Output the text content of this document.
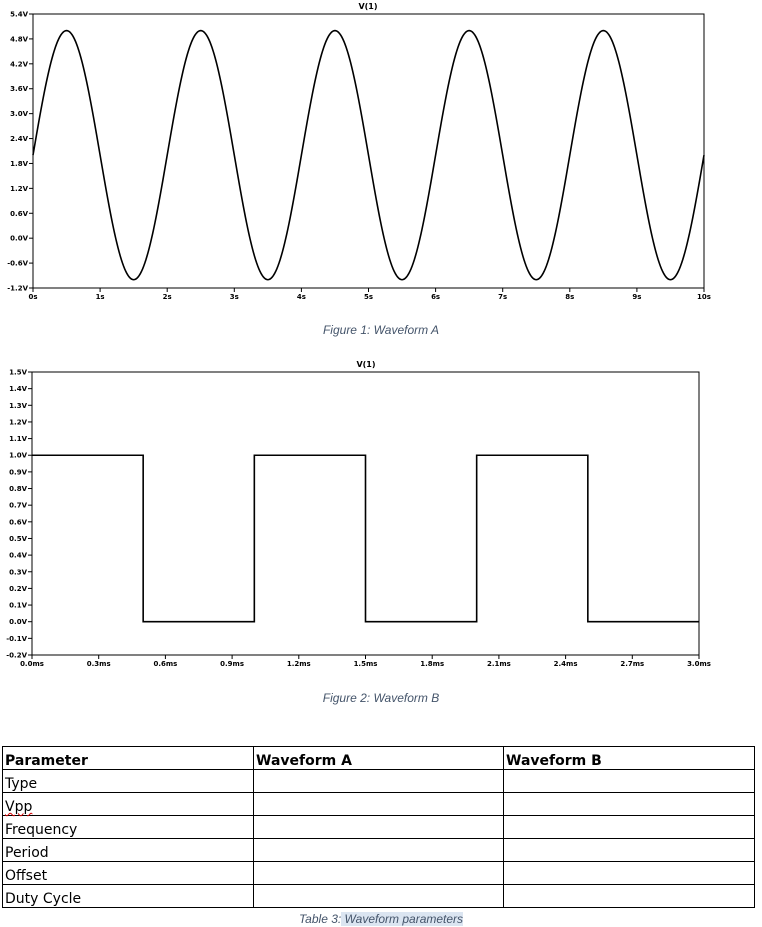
V(1)
5.4V
4.8V
4.2V
3.6V
3.0V
2.4V
1.8V
1.2V
0.6V
0.0V
-0.6V
-1.2V
0s	1s	2s	3s	4s	5s	6s	7s	8s	9s	10s
Figure 1: Waveform A
V(1)
1.5V
1.4V
1.3V
1.2V
1.1V
1.0V
0.9V
0.8V
0.7V
0.6V
0.5V
0.4V
0.3V
0.2V
0.1V
0.0V
-0.1V
-0.2V
0.0ms	0.3ms	0.6ms	0.9ms	1.2ms	1.5ms	1.8ms	2.1ms	2.4ms	2.7ms	3.0ms
Figure 2: Waveform B
Parameter	Waveform A	Waveform B
Type		
Vpp		
Frequency		
Period		
Offset		
Duty Cycle		
Table 3: Waveform parameters
